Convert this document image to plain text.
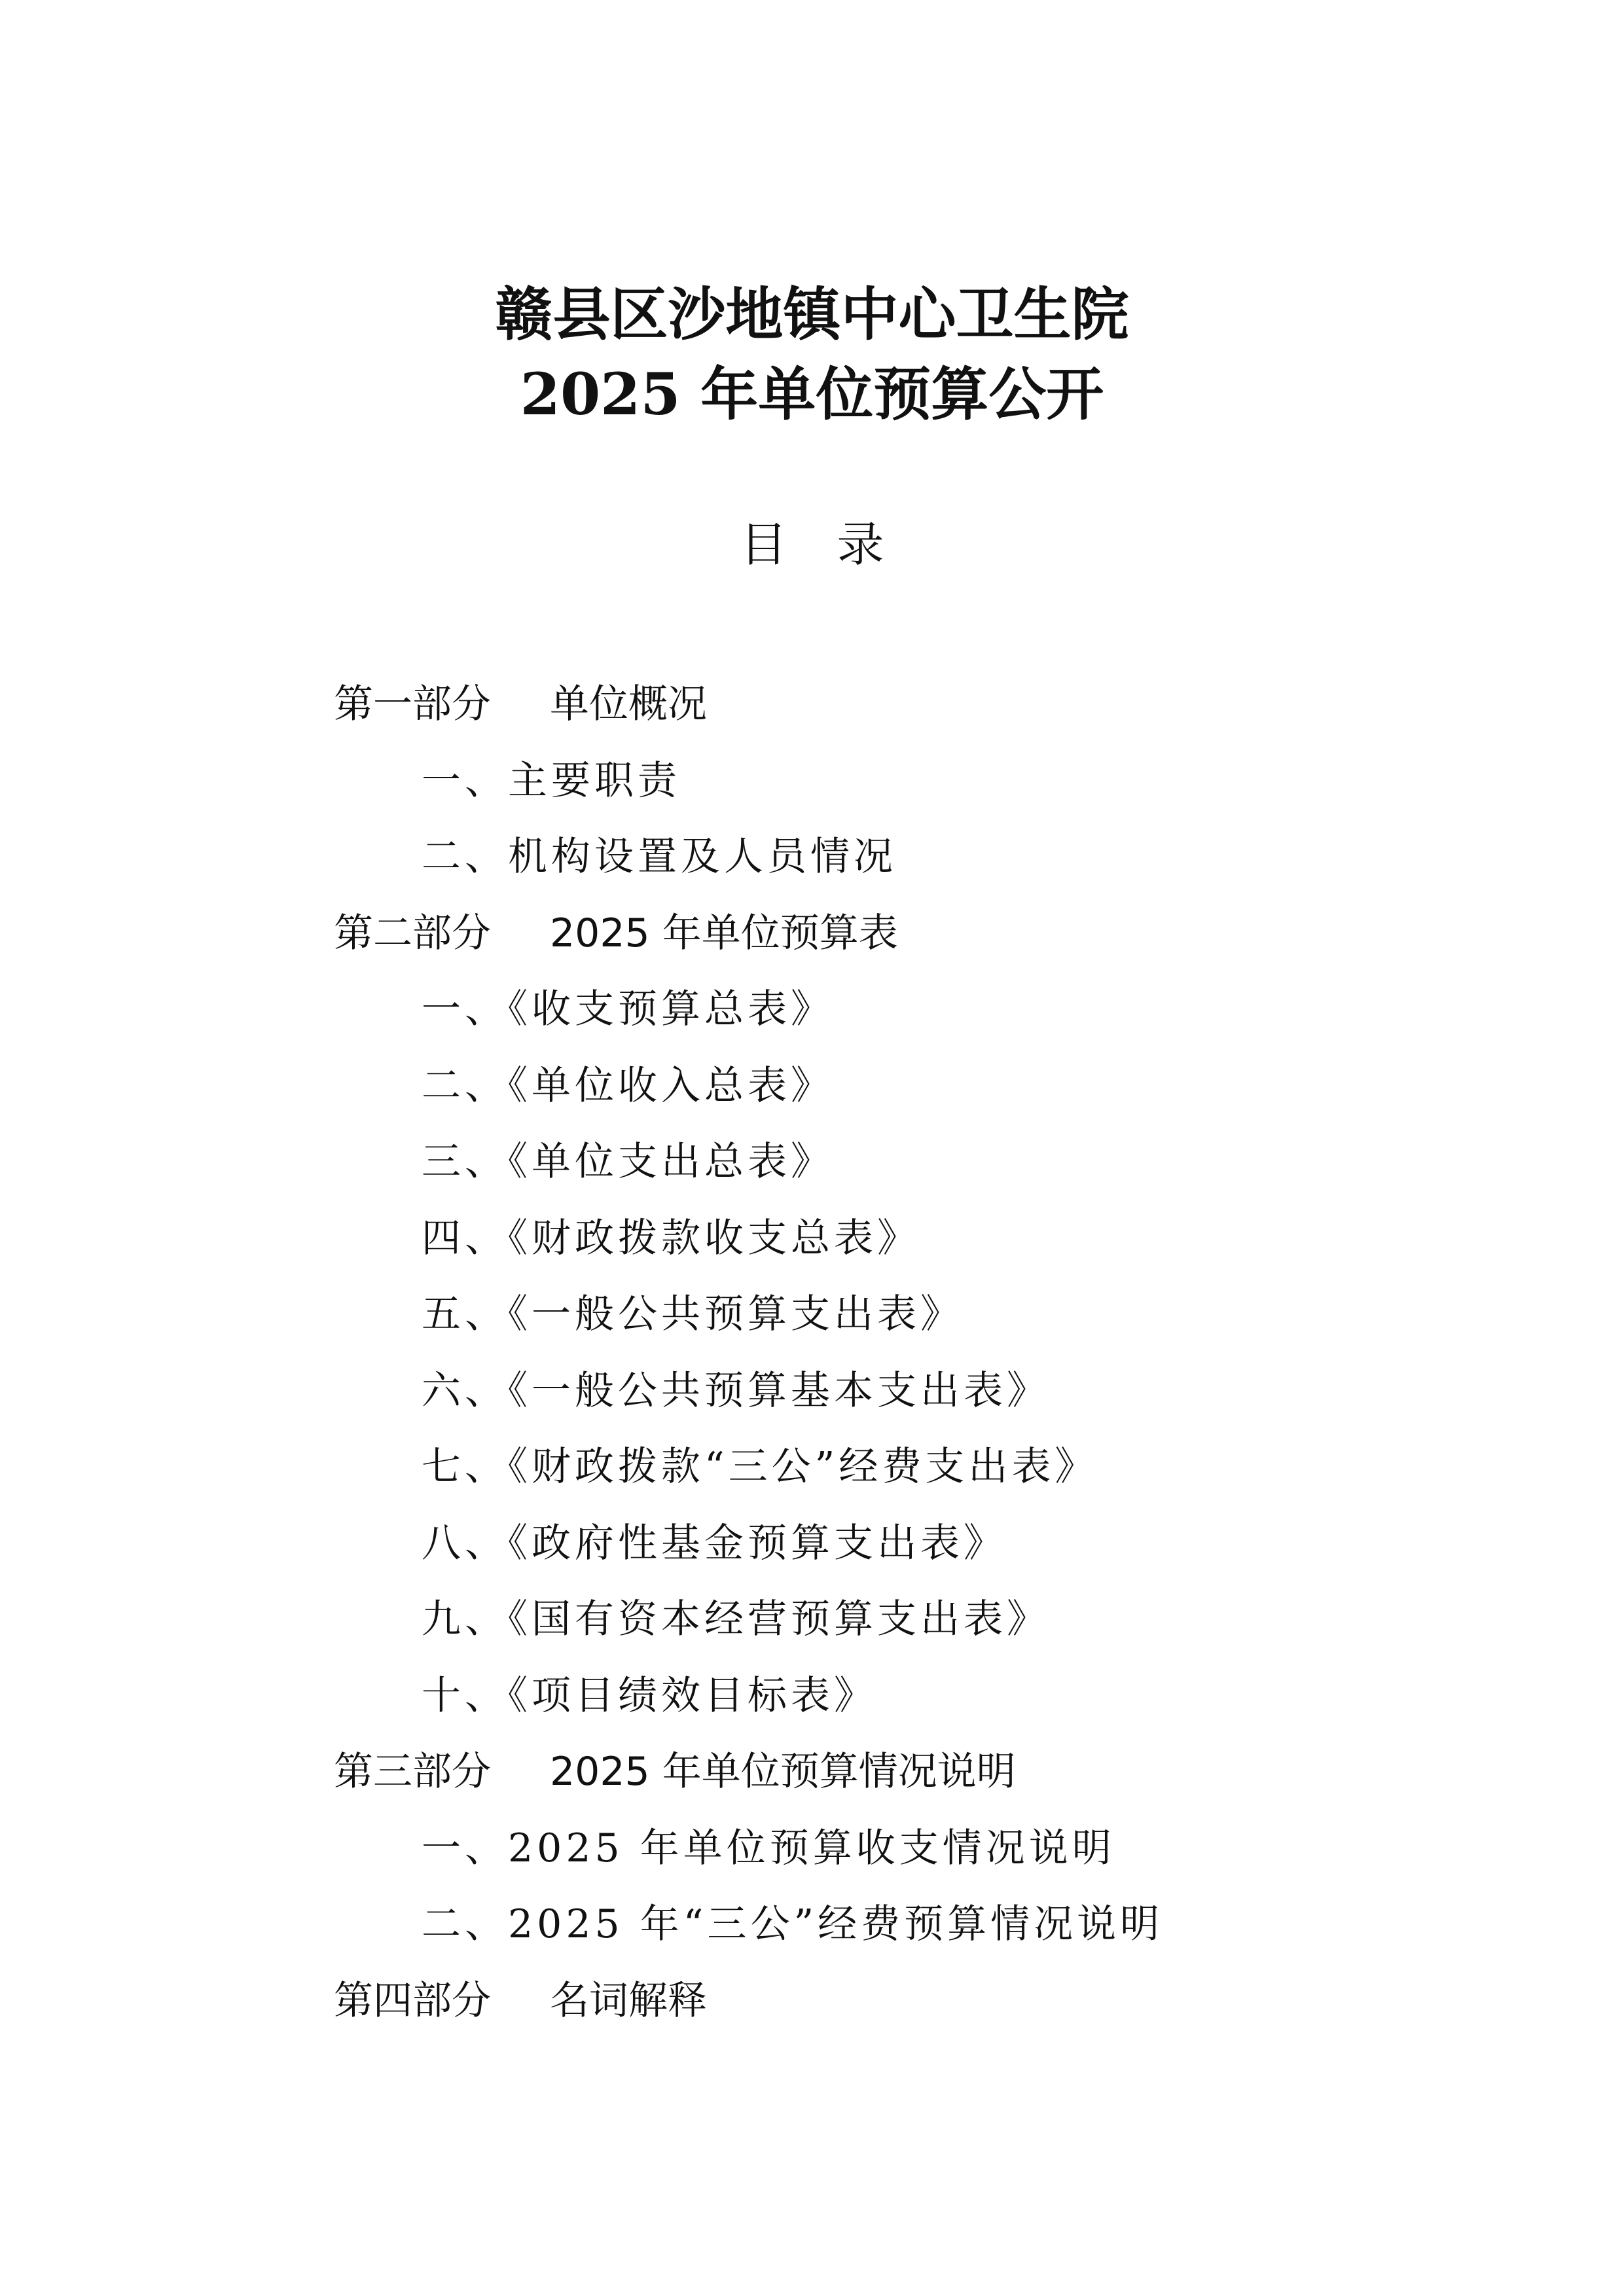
赣县区沙地镇中心卫生院
2025 年单位预算公开
目录
第一部分 单位概况
一、主要职责
二、机构设置及人员情况
第二部分 2025 年单位预算表
一、《收支预算总表》
二、《单位收入总表》
三、《单位支出总表》
四、《财政拨款收支总表》
五、《一般公共预算支出表》
六、《一般公共预算基本支出表》
七、《财政拨款“三公”经费支出表》
八、《政府性基金预算支出表》
九、《国有资本经营预算支出表》
十、《项目绩效目标表》
第三部分 2025 年单位预算情况说明
一、2025 年单位预算收支情况说明
二、2025 年“三公”经费预算情况说明
第四部分 名词解释
